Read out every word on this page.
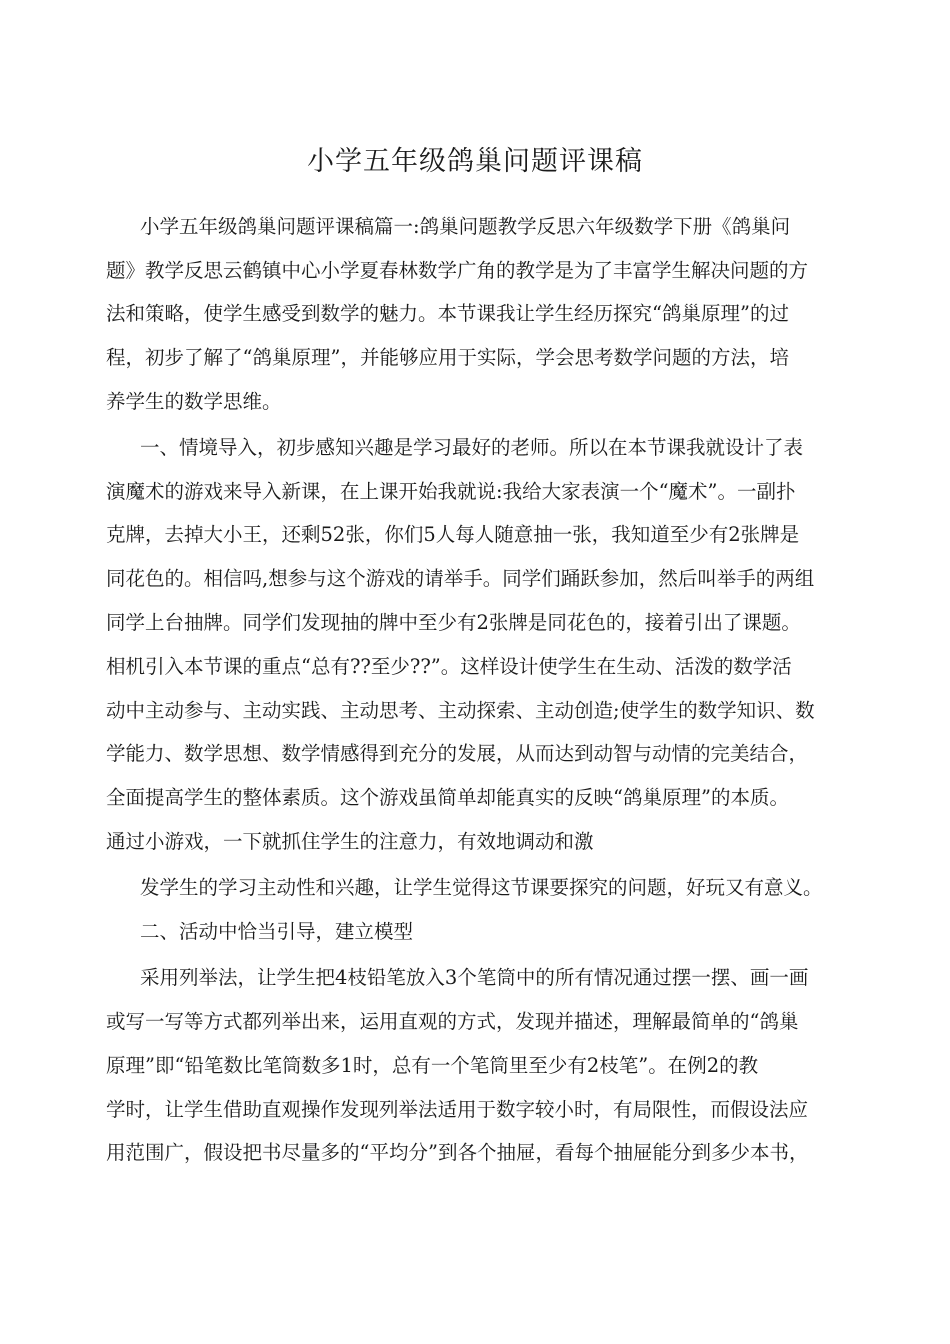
小学五年级鸽巢问题评课稿
小学五年级鸽巢问题评课稿篇一:鸽巢问题教学反思六年级数学下册《鸽巢问
题》教学反思云鹤镇中心小学夏春林数学广角的教学是为了丰富学生解决问题的方
法和策略，使学生感受到数学的魅力。本节课我让学生经历探究“鸽巢原理”的过
程，初步了解了“鸽巢原理”，并能够应用于实际，学会思考数学问题的方法，培
养学生的数学思维。
一、情境导入，初步感知兴趣是学习最好的老师。所以在本节课我就设计了表
演魔术的游戏来导入新课，在上课开始我就说:我给大家表演一个“魔术”。一副扑
克牌，去掉大小王，还剩52张，你们5人每人随意抽一张，我知道至少有2张牌是
同花色的。相信吗,想参与这个游戏的请举手。同学们踊跃参加，然后叫举手的两组
同学上台抽牌。同学们发现抽的牌中至少有2张牌是同花色的，接着引出了课题。
相机引入本节课的重点“总有??至少??”。这样设计使学生在生动、活泼的数学活
动中主动参与、主动实践、主动思考、主动探索、主动创造;使学生的数学知识、数
学能力、数学思想、数学情感得到充分的发展，从而达到动智与动情的完美结合，
全面提高学生的整体素质。这个游戏虽简单却能真实的反映“鸽巢原理”的本质。
通过小游戏，一下就抓住学生的注意力，有效地调动和激
发学生的学习主动性和兴趣，让学生觉得这节课要探究的问题，好玩又有意义。
二、活动中恰当引导，建立模型
采用列举法，让学生把4枝铅笔放入3个笔筒中的所有情况通过摆一摆、画一画
或写一写等方式都列举出来，运用直观的方式，发现并描述，理解最简单的“鸽巢
原理”即“铅笔数比笔筒数多1时，总有一个笔筒里至少有2枝笔”。在例2的教
学时，让学生借助直观操作发现列举法适用于数字较小时，有局限性，而假设法应
用范围广，假设把书尽量多的“平均分”到各个抽屉，看每个抽屉能分到多少本书，
